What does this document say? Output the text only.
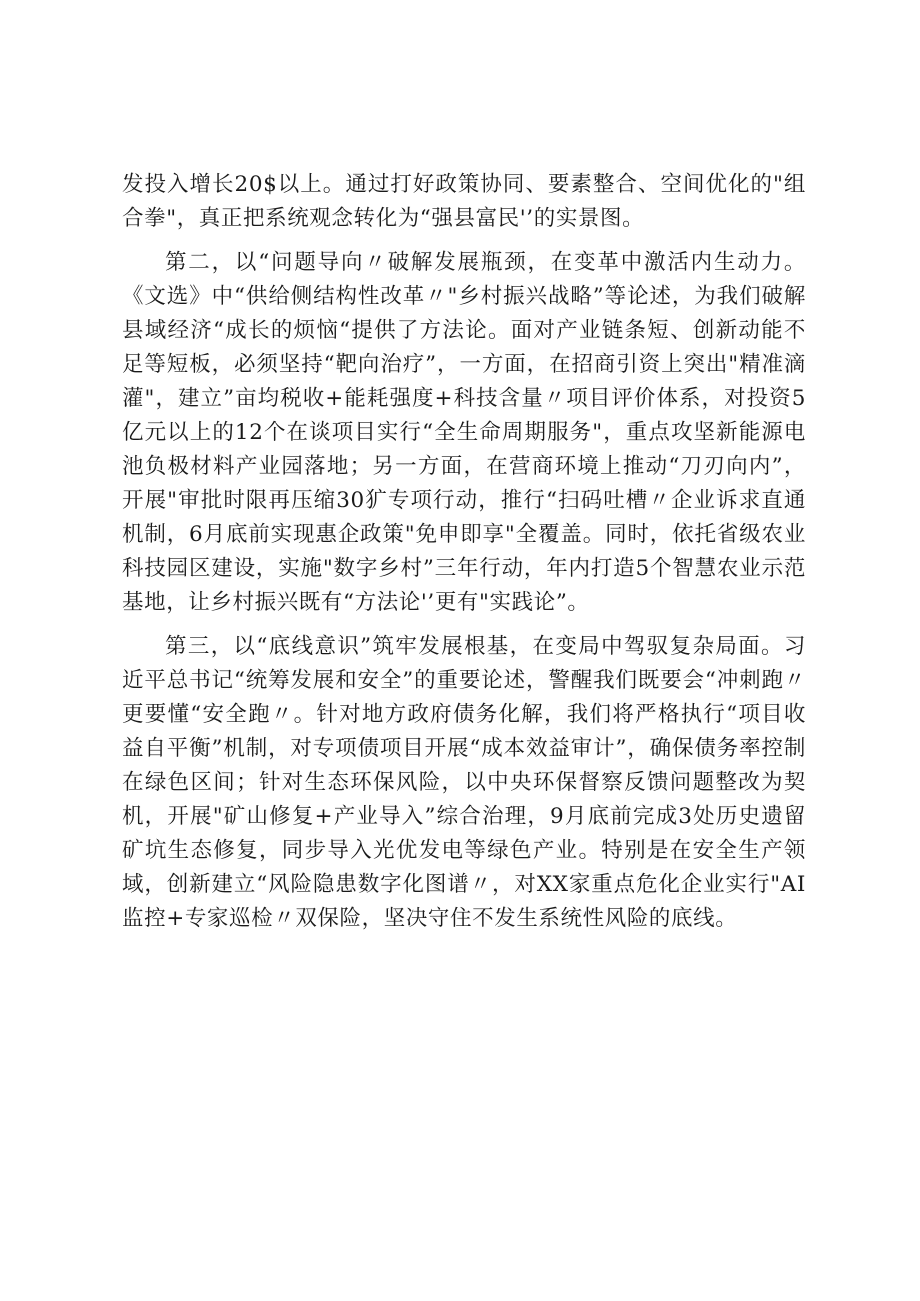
发投入增长20$以上。通过打好政策协同、要素整合、空间优化的"组合拳"，真正把系统观念转化为“强县富民'’的实景图。

第二，以“问题导向〃破解发展瓶颈，在变革中激活内生动力。《文选》中“供给侧结构性改革〃"乡村振兴战略”等论述，为我们破解县域经济“成长的烦恼“提供了方法论。面对产业链条短、创新动能不足等短板，必须坚持“靶向治疗”，一方面，在招商引资上突出"精准滴灌"，建立”亩均税收+能耗强度+科技含量〃项目评价体系，对投资5亿元以上的12个在谈项目实行“全生命周期服务"，重点攻坚新能源电池负极材料产业园落地；另一方面，在营商环境上推动“刀刃向内”，开展"审批时限再压缩30犷专项行动，推行“扫码吐槽〃企业诉求直通机制，6月底前实现惠企政策"免申即享"全覆盖。同时，依托省级农业科技园区建设，实施"数字乡村”三年行动，年内打造5个智慧农业示范基地，让乡村振兴既有“方法论'’更有"实践论”。

第三，以“底线意识”筑牢发展根基，在变局中驾驭复杂局面。习近平总书记“统筹发展和安全”的重要论述，警醒我们既要会“冲刺跑〃更要懂“安全跑〃。针对地方政府债务化解，我们将严格执行“项目收益自平衡”机制，对专项债项目开展“成本效益审计”，确保债务率控制在绿色区间；针对生态环保风险，以中央环保督察反馈问题整改为契机，开展"矿山修复+产业导入”综合治理，9月底前完成3处历史遗留矿坑生态修复，同步导入光优发电等绿色产业。特别是在安全生产领域，创新建立“风险隐患数字化图谱〃，对XX家重点危化企业实行"AI监控+专家巡检〃双保险，坚决守住不发生系统性风险的底线。
